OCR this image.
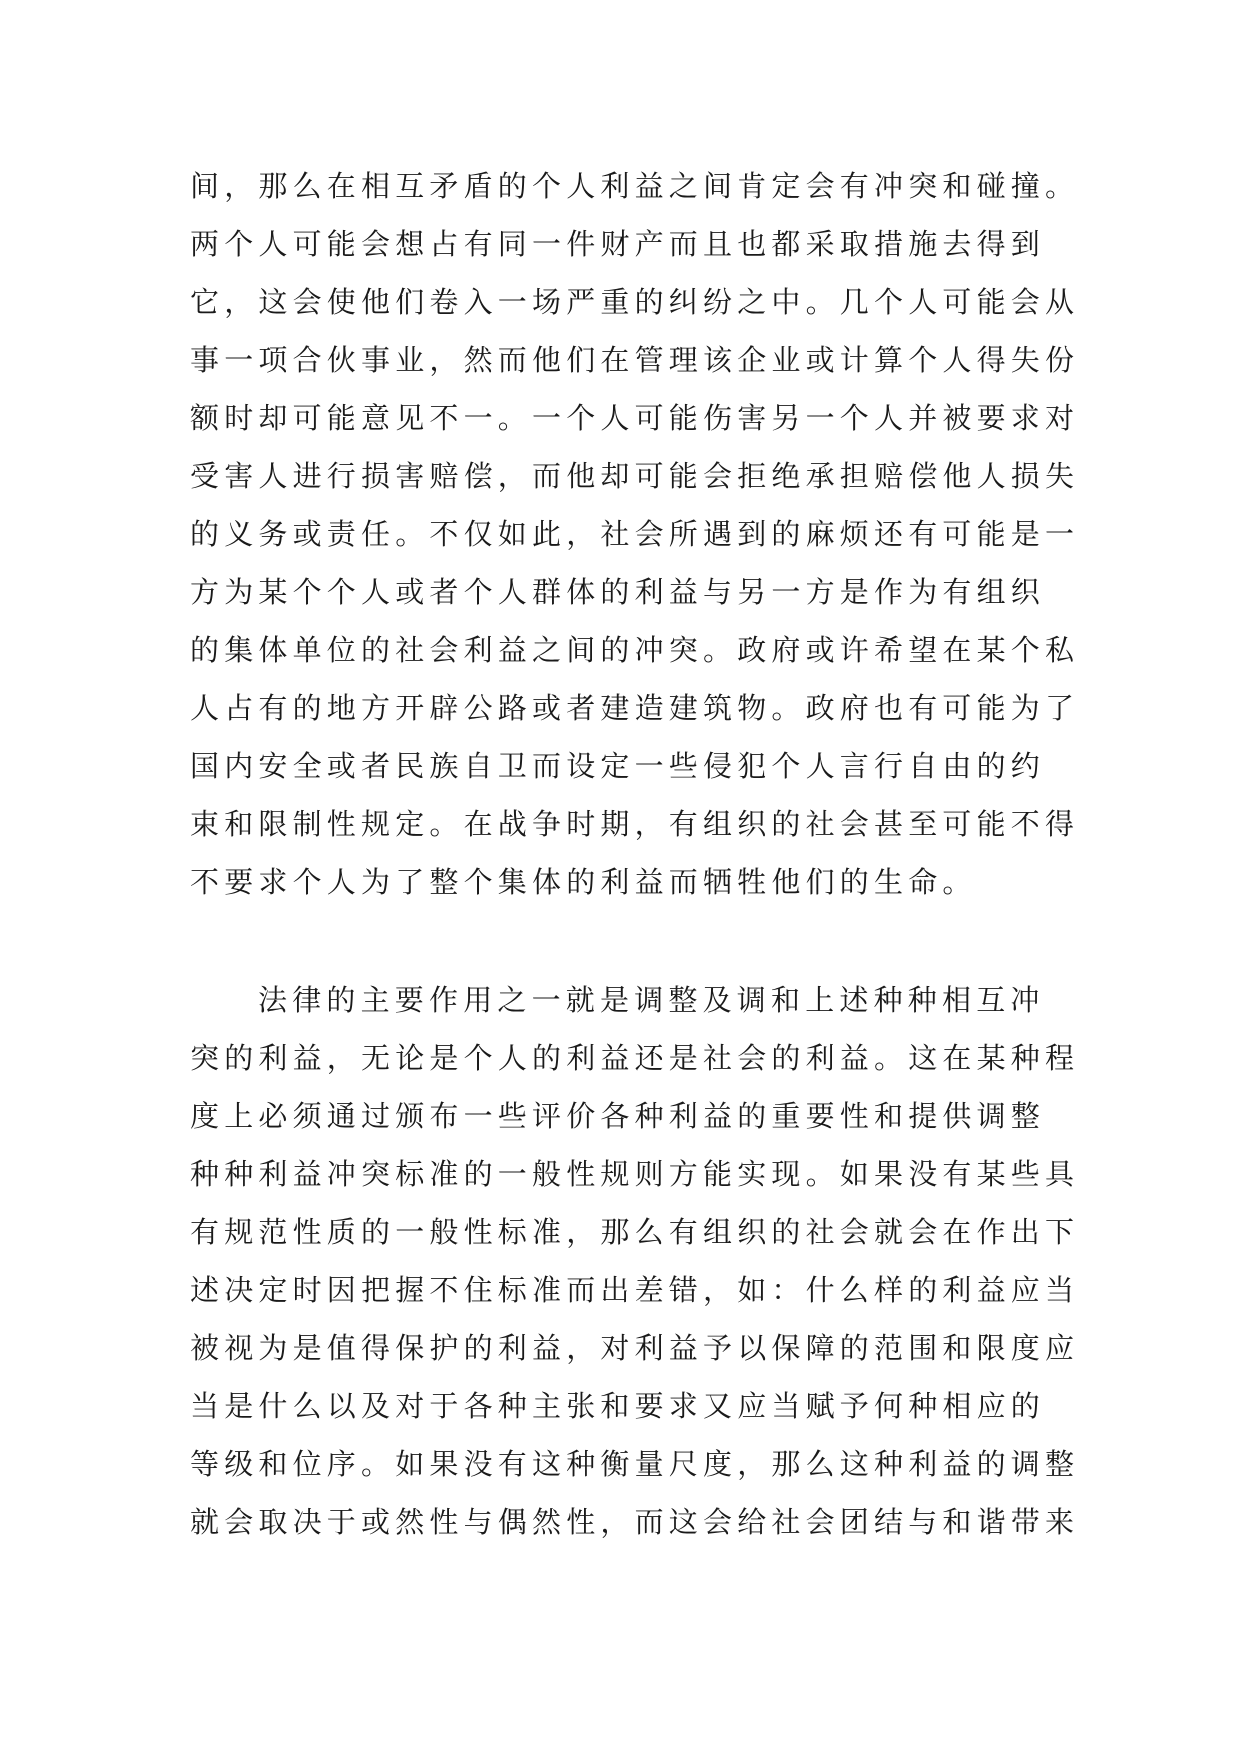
间，那么在相互矛盾的个人利益之间肯定会有冲突和碰撞。
两个人可能会想占有同一件财产而且也都采取措施去得到
它，这会使他们卷入一场严重的纠纷之中。几个人可能会从
事一项合伙事业，然而他们在管理该企业或计算个人得失份
额时却可能意见不一。一个人可能伤害另一个人并被要求对
受害人进行损害赔偿，而他却可能会拒绝承担赔偿他人损失
的义务或责任。不仅如此，社会所遇到的麻烦还有可能是一
方为某个个人或者个人群体的利益与另一方是作为有组织
的集体单位的社会利益之间的冲突。政府或许希望在某个私
人占有的地方开辟公路或者建造建筑物。政府也有可能为了
国内安全或者民族自卫而设定一些侵犯个人言行自由的约
束和限制性规定。在战争时期，有组织的社会甚至可能不得
不要求个人为了整个集体的利益而牺牲他们的生命。
法律的主要作用之一就是调整及调和上述种种相互冲
突的利益，无论是个人的利益还是社会的利益。这在某种程
度上必须通过颁布一些评价各种利益的重要性和提供调整
种种利益冲突标准的一般性规则方能实现。如果没有某些具
有规范性质的一般性标准，那么有组织的社会就会在作出下
述决定时因把握不住标准而出差错，如：什么样的利益应当
被视为是值得保护的利益，对利益予以保障的范围和限度应
当是什么以及对于各种主张和要求又应当赋予何种相应的
等级和位序。如果没有这种衡量尺度，那么这种利益的调整
就会取决于或然性与偶然性，而这会给社会团结与和谐带来
